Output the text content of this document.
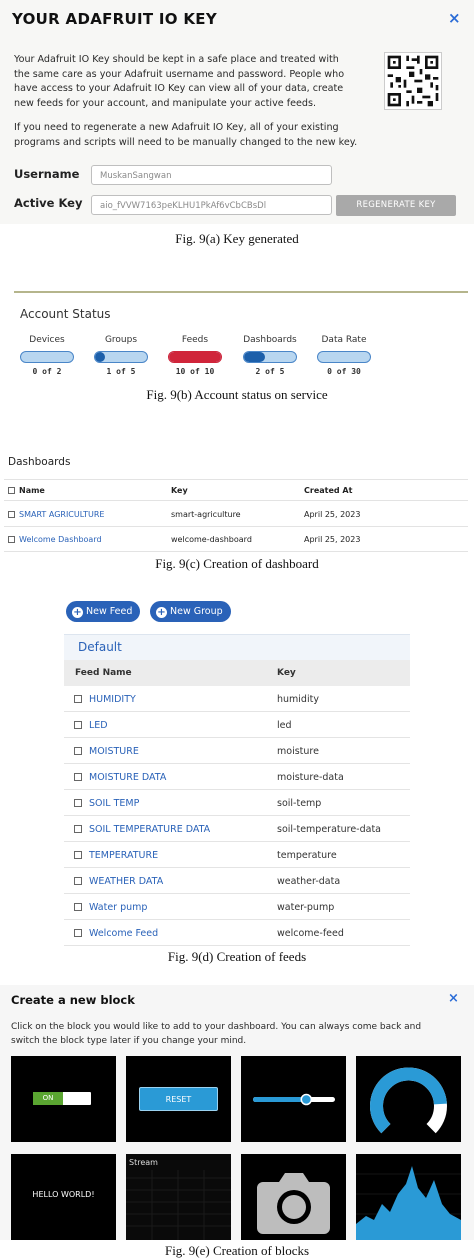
YOUR ADAFRUIT IO KEY	×
Your Adafruit IO Key should be kept in a safe place and treated with
the same care as your Adafruit username and password. People who
have access to your Adafruit IO Key can view all of your data, create
new feeds for your account, and manipulate your active feeds.
If you need to regenerate a new Adafruit IO Key, all of your existing
programs and scripts will need to be manually changed to the new key.
Username	MuskanSangwan
Active Key	aio_fVVW7163peKLHU1PkAf6vCbCBsDl	REGENERATE KEY
Fig. 9(a) Key generated
Account Status
Devices
0 of 2
Groups
1 of 5
Feeds
10 of 10
Dashboards
2 of 5
Data Rate
0 of 30
Fig. 9(b) Account status on service
Dashboards
Name	Key	Created At
SMART AGRICULTURE	smart-agriculture	April 25, 2023
Welcome Dashboard	welcome-dashboard	April 25, 2023
Fig. 9(c) Creation of dashboard
+ New Feed	+ New Group
Default
Feed Name	Key
HUMIDITY	humidity
LED	led
MOISTURE	moisture
MOISTURE DATA	moisture-data
SOIL TEMP	soil-temp
SOIL TEMPERATURE DATA	soil-temperature-data
TEMPERATURE	temperature
WEATHER DATA	weather-data
Water pump	water-pump
Welcome Feed	welcome-feed
Fig. 9(d) Creation of feeds
Create a new block	×
Click on the block you would like to add to your dashboard. You can always come back and
switch the block type later if you change your mind.
ON	RESET
HELLO WORLD!
Stream
Fig. 9(e) Creation of blocks
